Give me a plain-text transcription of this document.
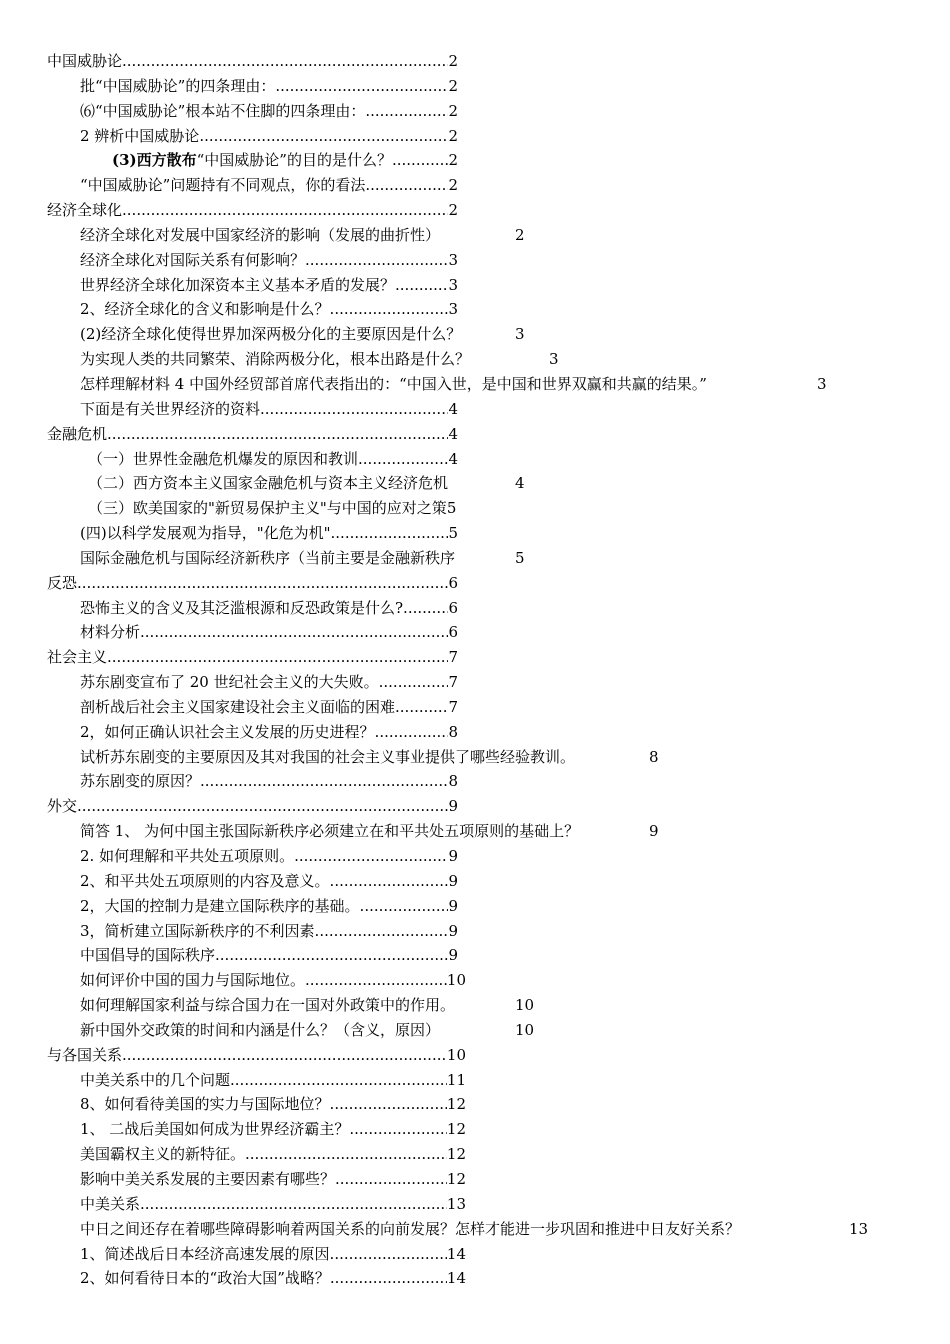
中国威胁论 .....	2
批“中国威胁论”的四条理由： .....	2
⑹“中国威胁论”根本站不住脚的四条理由： .....	2
2 辨析中国威胁论 .....	2
(3)西方散布“中国威胁论”的目的是什么？ .....	2
“中国威胁论”问题持有不同观点，你的看法 .....	2
经济全球化 .....	2
经济全球化对发展中国家经济的影响（发展的曲折性）	2
经济全球化对国际关系有何影响？ .....	3
世界经济全球化加深资本主义基本矛盾的发展？ .....	3
2、经济全球化的含义和影响是什么？ .....	3
(2)经济全球化使得世界加深两极分化的主要原因是什么？	3
为实现人类的共同繁荣、消除两极分化，根本出路是什么？	3
怎样理解材料 4 中国外经贸部首席代表指出的：“中国入世，是中国和世界双赢和共赢的结果。”	3
下面是有关世界经济的资料 .....	4
金融危机 .....	4
（一）世界性金融危机爆发的原因和教训 .....	4
（二）西方资本主义国家金融危机与资本主义经济危机	4
（三）欧美国家的"新贸易保护主义"与中国的应对之策 5
(四)以科学发展观为指导，"化危为机" .....	5
国际金融危机与国际经济新秩序（当前主要是金融新秩序	5
反恐 .....	6
恐怖主义的含义及其泛滥根源和反恐政策是什么? .....	6
材料分析 .....	6
社会主义 .....	7
苏东剧变宣布了 20 世纪社会主义的大失败。 .....	7
剖析战后社会主义国家建设社会主义面临的困难 .....	7
2，如何正确认识社会主义发展的历史进程？ .....	8
试析苏东剧变的主要原因及其对我国的社会主义事业提供了哪些经验教训。	8
苏东剧变的原因？ .....	8
外交 .....	9
简答 1、 为何中国主张国际新秩序必须建立在和平共处五项原则的基础上？	9
2. 如何理解和平共处五项原则。 .....	9
2、和平共处五项原则的内容及意义。 .....	9
2，大国的控制力是建立国际秩序的基础。 .....	9
3，简析建立国际新秩序的不利因素 .....	9
中国倡导的国际秩序 .....	9
如何评价中国的国力与国际地位。 .....	10
如何理解国家利益与综合国力在一国对外政策中的作用。	10
新中国外交政策的时间和内涵是什么？（含义，原因）	10
与各国关系 .....	10
中美关系中的几个问题 .....	11
8、如何看待美国的实力与国际地位？ .....	12
1、 二战后美国如何成为世界经济霸主？ .....	12
美国霸权主义的新特征。 .....	12
影响中美关系发展的主要因素有哪些？ .....	12
中美关系 .....	13
中日之间还存在着哪些障碍影响着两国关系的向前发展？怎样才能进一步巩固和推进中日友好关系？	13
1、简述战后日本经济高速发展的原因 .....	14
2、如何看待日本的“政治大国”战略？ .....	14
